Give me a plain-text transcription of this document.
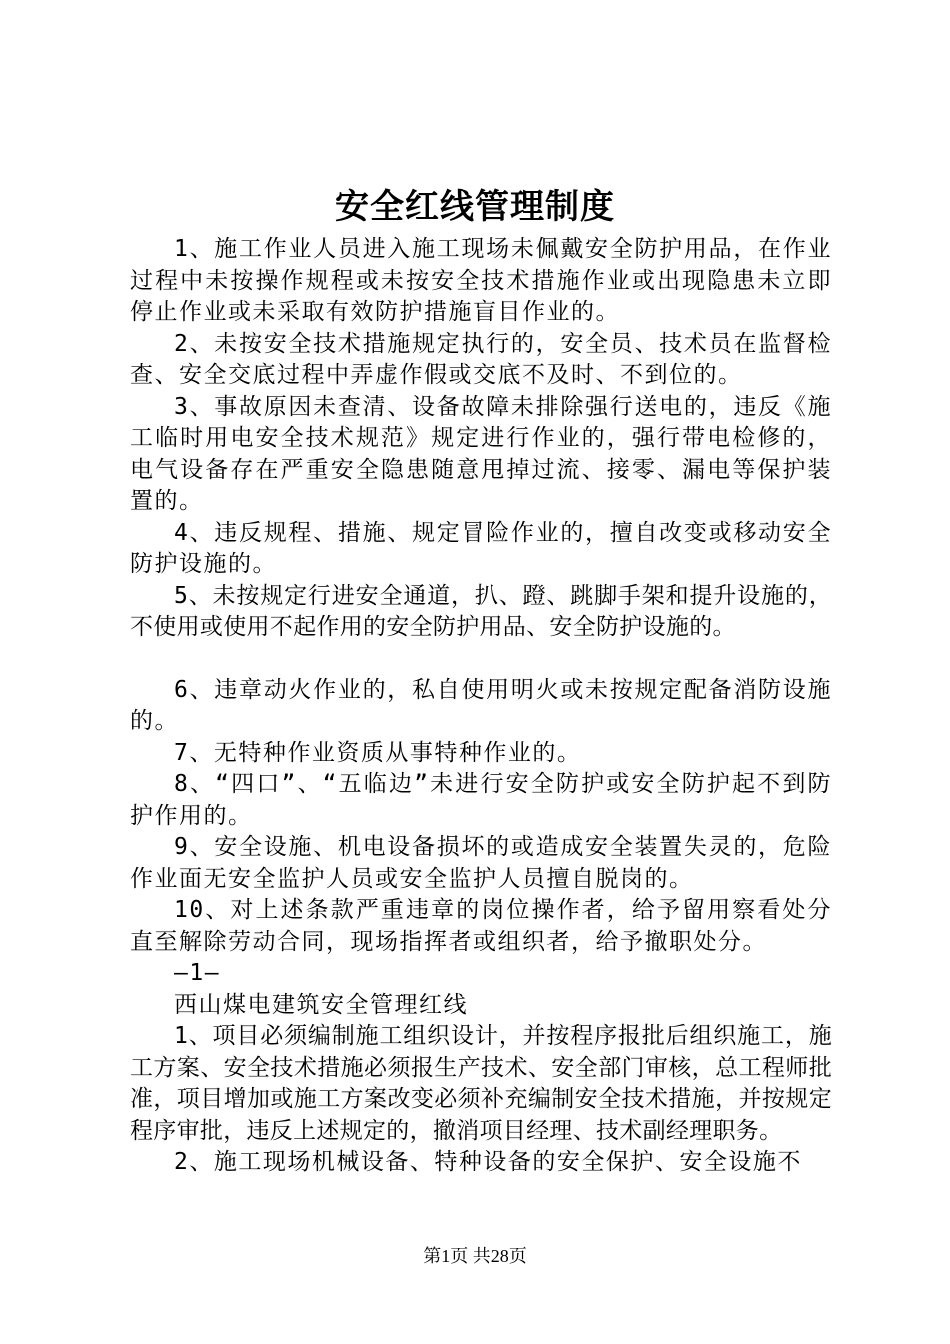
安全红线管理制度

1、施工作业人员进入施工现场未佩戴安全防护用品，在作业过程中未按操作规程或未按安全技术措施作业或出现隐患未立即停止作业或未采取有效防护措施盲目作业的。

2、未按安全技术措施规定执行的，安全员、技术员在监督检查、安全交底过程中弄虚作假或交底不及时、不到位的。

3、事故原因未查清、设备故障未排除强行送电的，违反《施工临时用电安全技术规范》规定进行作业的，强行带电检修的，电气设备存在严重安全隐患随意甩掉过流、接零、漏电等保护装置的。

4、违反规程、措施、规定冒险作业的，擅自改变或移动安全防护设施的。

5、未按规定行进安全通道，扒、蹬、跳脚手架和提升设施的，不使用或使用不起作用的安全防护用品、安全防护设施的。

6、违章动火作业的，私自使用明火或未按规定配备消防设施的。

7、无特种作业资质从事特种作业的。

8、“四口”、“五临边”未进行安全防护或安全防护起不到防护作用的。

9、安全设施、机电设备损坏的或造成安全装置失灵的，危险作业面无安全监护人员或安全监护人员擅自脱岗的。

10、对上述条款严重违章的岗位操作者，给予留用察看处分直至解除劳动合同，现场指挥者或组织者，给予撤职处分。

—1—

西山煤电建筑安全管理红线

1、项目必须编制施工组织设计，并按程序报批后组织施工，施工方案、安全技术措施必须报生产技术、安全部门审核，总工程师批准，项目增加或施工方案改变必须补充编制安全技术措施，并按规定程序审批，违反上述规定的，撤消项目经理、技术副经理职务。

2、施工现场机械设备、特种设备的安全保护、安全设施不

第1页 共28页
